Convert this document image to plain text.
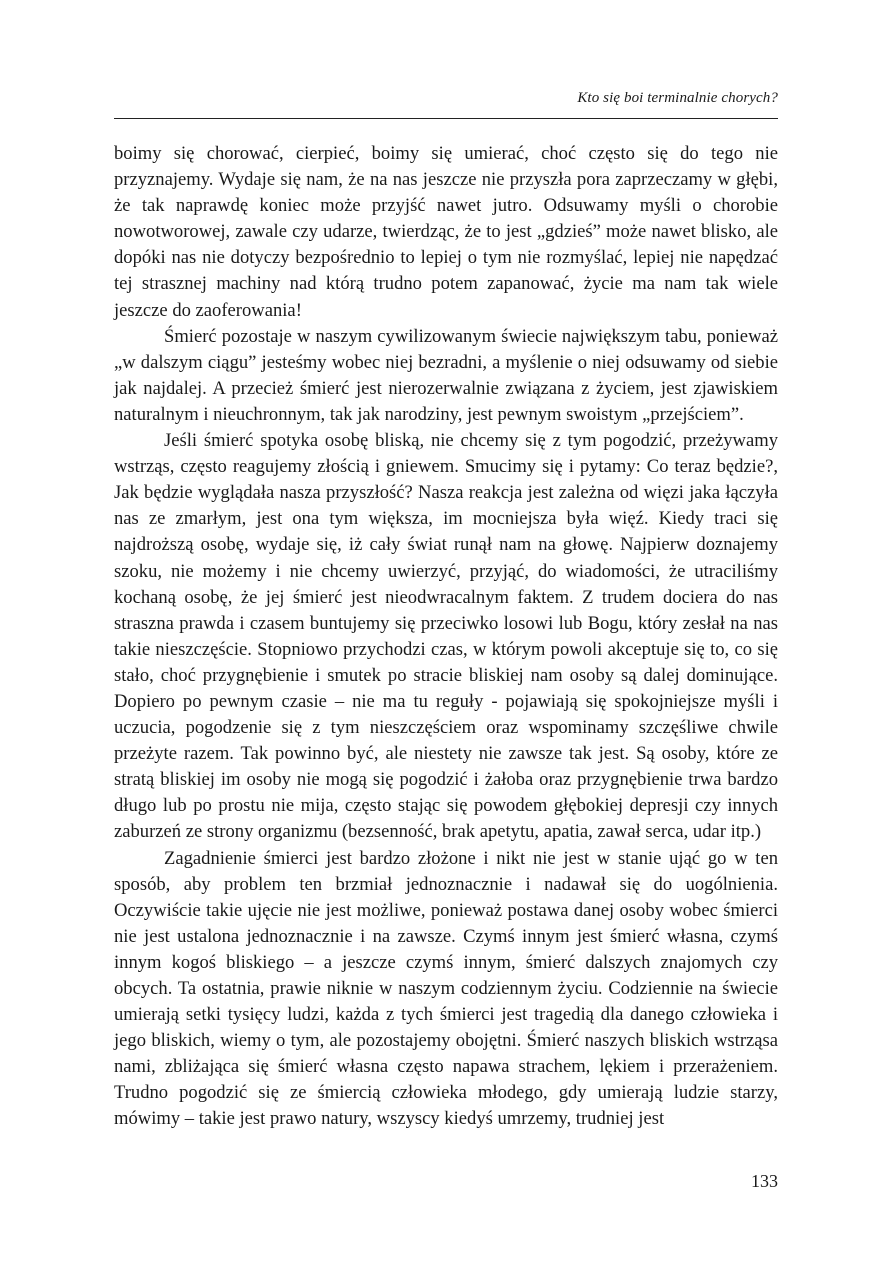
Kto się boi terminalnie chorych?

boimy się chorować, cierpieć, boimy się umierać, choć często się do tego nie przyznajemy. Wydaje się nam, że na nas jeszcze nie przyszła pora zaprzeczamy w głębi, że tak naprawdę koniec może przyjść nawet jutro. Odsuwamy myśli o chorobie nowotworowej, zawale czy udarze, twierdząc, że to jest „gdzieś” może nawet blisko, ale dopóki nas nie dotyczy bezpośrednio to lepiej o tym nie rozmyślać, lepiej nie napędzać tej strasznej machiny nad którą trudno potem zapanować, życie ma nam tak wiele jeszcze do zaoferowania!

Śmierć pozostaje w naszym cywilizowanym świecie największym tabu, ponieważ „w dalszym ciągu” jesteśmy wobec niej bezradni, a myślenie o niej odsuwamy od siebie jak najdalej. A przecież śmierć jest nierozerwalnie związana z życiem, jest zjawiskiem naturalnym i nieuchronnym, tak jak narodziny, jest pewnym swoistym „przejściem”.

Jeśli śmierć spotyka osobę bliską, nie chcemy się z tym pogodzić, przeżywamy wstrząs, często reagujemy złością i gniewem. Smucimy się i pytamy: Co teraz będzie?, Jak będzie wyglądała nasza przyszłość? Nasza reakcja jest zależna od więzi jaka łączyła nas ze zmarłym, jest ona tym większa, im mocniejsza była więź. Kiedy traci się najdroższą osobę, wydaje się, iż cały świat runął nam na głowę. Najpierw doznajemy szoku, nie możemy i nie chcemy uwierzyć, przyjąć, do wiadomości, że utraciliśmy kochaną osobę, że jej śmierć jest nieodwracalnym faktem. Z trudem dociera do nas straszna prawda i czasem buntujemy się przeciwko losowi lub Bogu, który zesłał na nas takie nieszczęście. Stopniowo przychodzi czas, w którym powoli akceptuje się to, co się stało, choć przygnębienie i smutek po stracie bliskiej nam osoby są dalej dominujące. Dopiero po pewnym czasie – nie ma tu reguły - pojawiają się spokojniejsze myśli i uczucia, pogodzenie się z tym nieszczęściem oraz wspominamy szczęśliwe chwile przeżyte razem. Tak powinno być, ale niestety nie zawsze tak jest. Są osoby, które ze stratą bliskiej im osoby nie mogą się pogodzić i żałoba oraz przygnębienie trwa bardzo długo lub po prostu nie mija, często stając się powodem głębokiej depresji czy innych zaburzeń ze strony organizmu (bezsenność, brak apetytu, apatia, zawał serca, udar itp.)

Zagadnienie śmierci jest bardzo złożone i nikt nie jest w stanie ująć go w ten sposób, aby problem ten brzmiał jednoznacznie i nadawał się do uogólnienia. Oczywiście takie ujęcie nie jest możliwe, ponieważ postawa danej osoby wobec śmierci nie jest ustalona jednoznacznie i na zawsze. Czymś innym jest śmierć własna, czymś innym kogoś bliskiego – a jeszcze czymś innym, śmierć dalszych znajomych czy obcych. Ta ostatnia, prawie niknie w naszym codziennym życiu. Codziennie na świecie umierają setki tysięcy ludzi, każda z tych śmierci jest tragedią dla danego człowieka i jego bliskich, wiemy o tym, ale pozostajemy obojętni. Śmierć naszych bliskich wstrząsa nami, zbliżająca się śmierć własna często napawa strachem, lękiem i przerażeniem. Trudno pogodzić się ze śmiercią człowieka młodego, gdy umierają ludzie starzy, mówimy – takie jest prawo natury, wszyscy kiedyś umrzemy, trudniej jest

133
